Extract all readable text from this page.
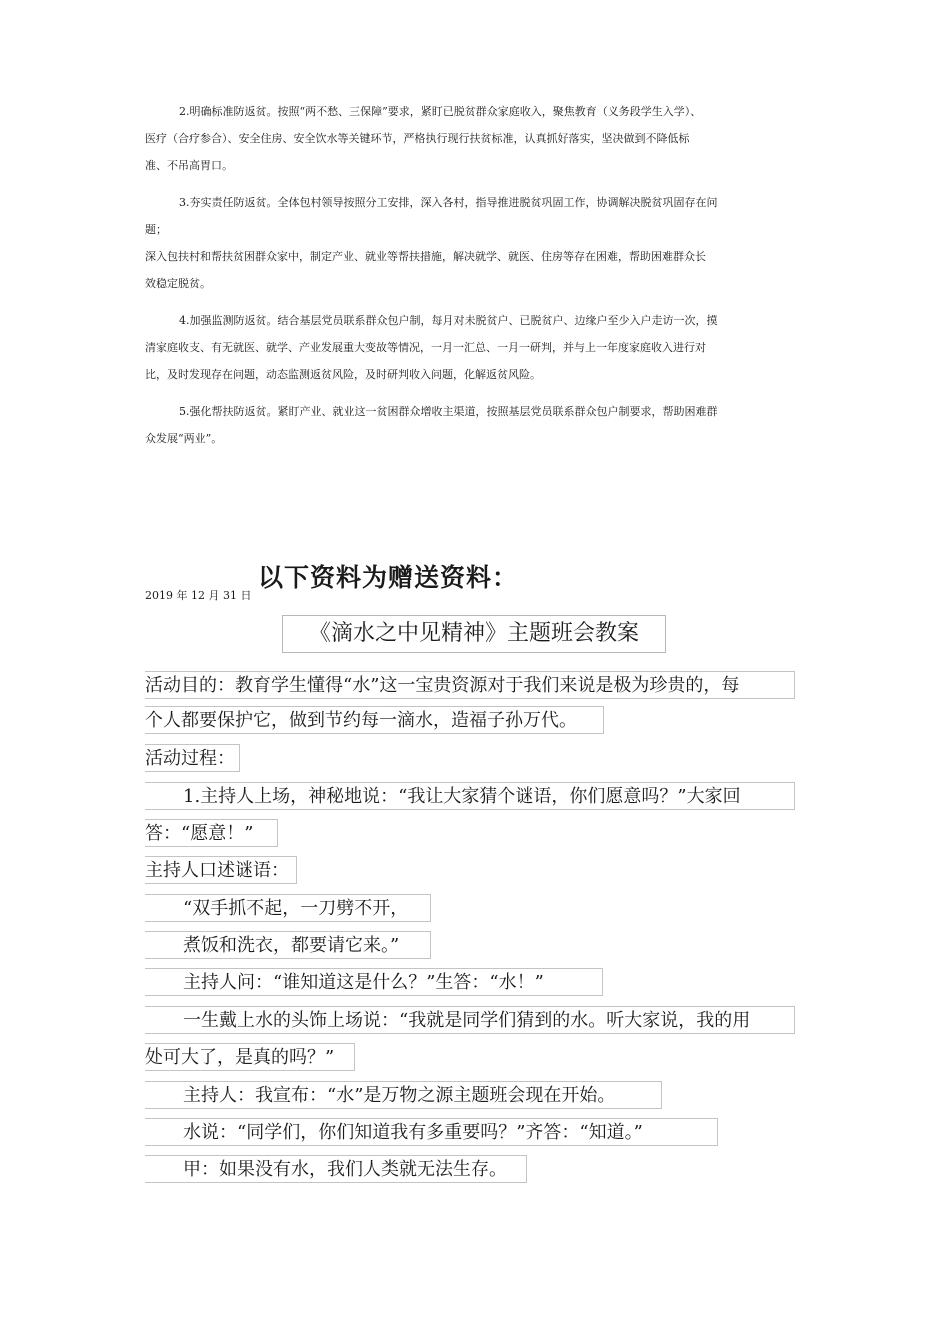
2.明确标准防返贫。按照“两不愁、三保障”要求，紧盯已脱贫群众家庭收入，聚焦教育（义务段学生入学）、
医疗（合疗参合）、安全住房、安全饮水等关键环节，严格执行现行扶贫标准，认真抓好落实，坚决做到不降低标
准、不吊高胃口。
3.夯实责任防返贫。全体包村领导按照分工安排，深入各村，指导推进脱贫巩固工作，协调解决脱贫巩固存在问
题；
深入包扶村和帮扶贫困群众家中，制定产业、就业等帮扶措施，解决就学、就医、住房等存在困难，帮助困难群众长
效稳定脱贫。
4.加强监测防返贫。结合基层党员联系群众包户制，每月对未脱贫户、已脱贫户、边缘户至少入户走访一次，摸
清家庭收支、有无就医、就学、产业发展重大变故等情况，一月一汇总、一月一研判，并与上一年度家庭收入进行对
比，及时发现存在问题，动态监测返贫风险，及时研判收入问题，化解返贫风险。
5.强化帮扶防返贫。紧盯产业、就业这一贫困群众增收主渠道，按照基层党员联系群众包户制要求，帮助困难群
众发展“两业”。
以下资料为赠送资料：
2019 年 12 月 31 日
《滴水之中见精神》主题班会教案
活动目的：教育学生懂得“水”这一宝贵资源对于我们来说是极为珍贵的，每
个人都要保护它，做到节约每一滴水，造福子孙万代。
活动过程：
1.主持人上场，神秘地说：“我让大家猜个谜语，你们愿意吗？”大家回
答：“愿意！”
主持人口述谜语：
“双手抓不起，一刀劈不开，
煮饭和洗衣，都要请它来。”
主持人问：“谁知道这是什么？”生答：“水！”
一生戴上水的头饰上场说：“我就是同学们猜到的水。听大家说，我的用
处可大了，是真的吗？”
主持人：我宣布：“水”是万物之源主题班会现在开始。
水说：“同学们，你们知道我有多重要吗？”齐答：“知道。”
甲：如果没有水，我们人类就无法生存。
